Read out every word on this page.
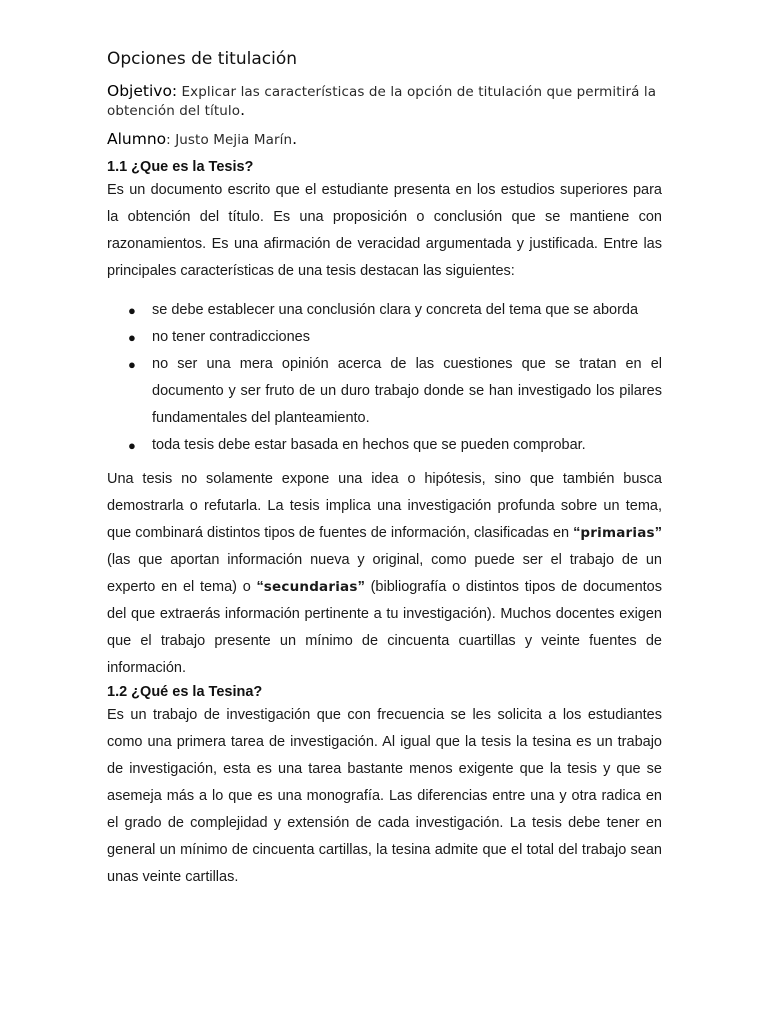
Opciones de titulación

Objetivo: Explicar las características de la opción de titulación que permitirá la obtención del título.

Alumno: Justo Mejia Marín.

1.1 ¿Que es la Tesis?

Es un documento escrito que el estudiante presenta en los estudios superiores para la obtención del título. Es una proposición o conclusión que se mantiene con razonamientos. Es una afirmación de veracidad argumentada y justificada. Entre las principales características de una tesis destacan las siguientes:

● se debe establecer una conclusión clara y concreta del tema que se aborda
● no tener contradicciones
● no ser una mera opinión acerca de las cuestiones que se tratan en el documento y ser fruto de un duro trabajo donde se han investigado los pilares fundamentales del planteamiento.
● toda tesis debe estar basada en hechos que se pueden comprobar.

Una tesis no solamente expone una idea o hipótesis, sino que también busca demostrarla o refutarla. La tesis implica una investigación profunda sobre un tema, que combinará distintos tipos de fuentes de información, clasificadas en “primarias” (las que aportan información nueva y original, como puede ser el trabajo de un experto en el tema) o “secundarias” (bibliografía o distintos tipos de documentos del que extraerás información pertinente a tu investigación). Muchos docentes exigen que el trabajo presente un mínimo de cincuenta cuartillas y veinte fuentes de información.

1.2 ¿Qué es la Tesina?

Es un trabajo de investigación que con frecuencia se les solicita a los estudiantes como una primera tarea de investigación. Al igual que la tesis la tesina es un trabajo de investigación, esta es una tarea bastante menos exigente que la tesis y que se asemeja más a lo que es una monografía. Las diferencias entre una y otra radica en el grado de complejidad y extensión de cada investigación. La tesis debe tener en general un mínimo de cincuenta cartillas, la tesina admite que el total del trabajo sean unas veinte cartillas.
